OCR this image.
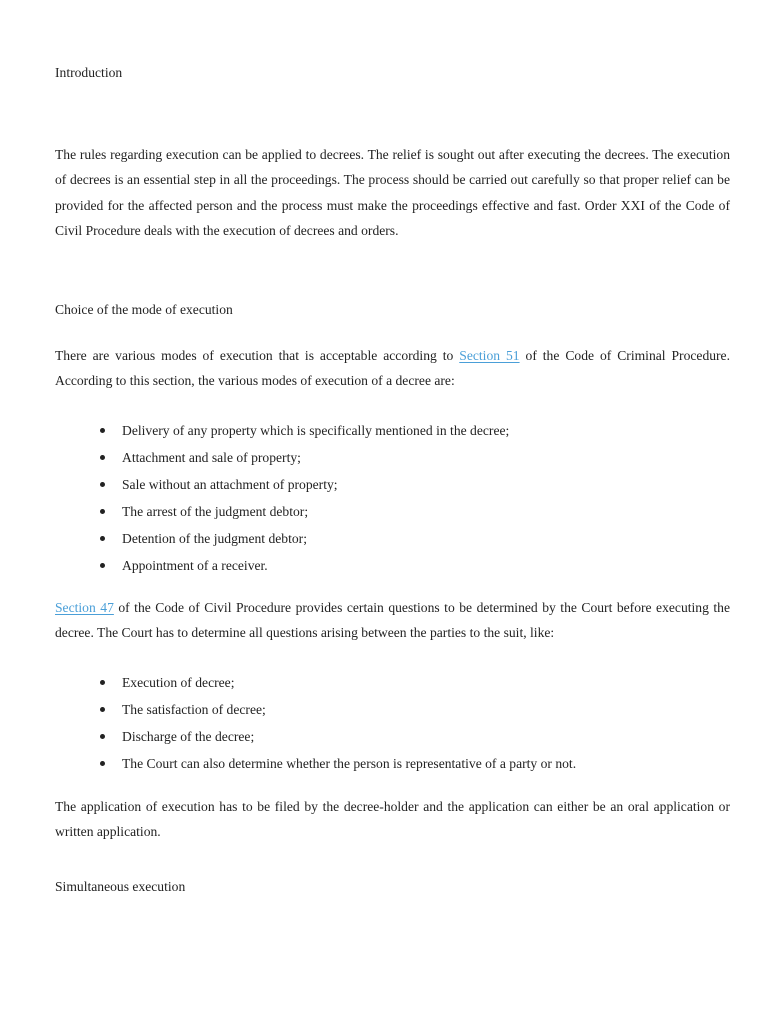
Introduction

The rules regarding execution can be applied to decrees. The relief is sought out after executing the decrees. The execution of decrees is an essential step in all the proceedings. The process should be carried out carefully so that proper relief can be provided for the affected person and the process must make the proceedings effective and fast. Order XXI of the Code of Civil Procedure deals with the execution of decrees and orders.

Choice of the mode of execution

There are various modes of execution that is acceptable according to Section 51 of the Code of Criminal Procedure. According to this section, the various modes of execution of a decree are:

Delivery of any property which is specifically mentioned in the decree;
Attachment and sale of property;
Sale without an attachment of property;
The arrest of the judgment debtor;
Detention of the judgment debtor;
Appointment of a receiver.

Section 47 of the Code of Civil Procedure provides certain questions to be determined by the Court before executing the decree. The Court has to determine all questions arising between the parties to the suit, like:

Execution of decree;
The satisfaction of decree;
Discharge of the decree;
The Court can also determine whether the person is representative of a party or not.

The application of execution has to be filed by the decree-holder and the application can either be an oral application or written application.

Simultaneous execution
